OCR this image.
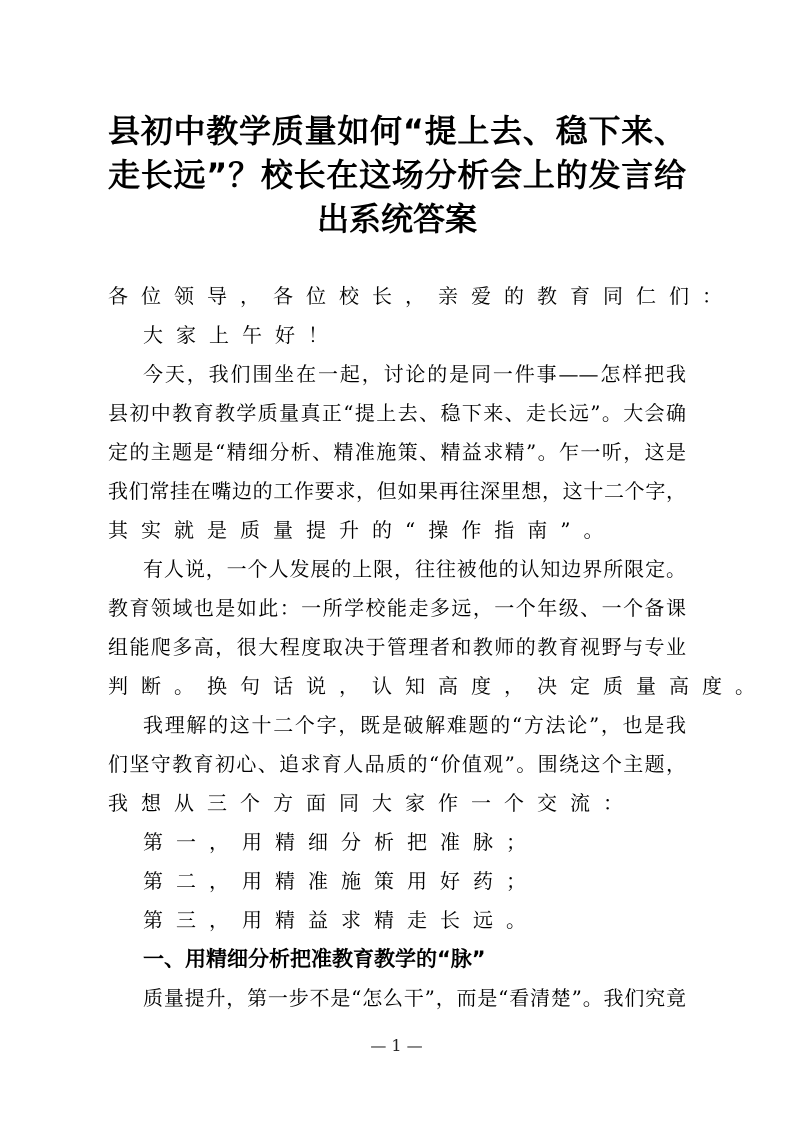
县初中教学质量如何“提上去、稳下来、
走长远”？校长在这场分析会上的发言给
出系统答案
各位领导，各位校长，亲爱的教育同仁们：
大家上午好！
今天，我们围坐在一起，讨论的是同一件事——怎样把我
县初中教育教学质量真正“提上去、稳下来、走长远”。大会确
定的主题是“精细分析、精准施策、精益求精”。乍一听，这是
我们常挂在嘴边的工作要求，但如果再往深里想，这十二个字，
其实就是质量提升的“操作指南”。
有人说，一个人发展的上限，往往被他的认知边界所限定。
教育领域也是如此：一所学校能走多远，一个年级、一个备课
组能爬多高，很大程度取决于管理者和教师的教育视野与专业
判断。换句话说，认知高度，决定质量高度。
我理解的这十二个字，既是破解难题的“方法论”，也是我
们坚守教育初心、追求育人品质的“价值观”。围绕这个主题，
我想从三个方面同大家作一个交流：
第一，用精细分析把准脉；
第二，用精准施策用好药；
第三，用精益求精走长远。
一、用精细分析把准教育教学的“脉”
质量提升，第一步不是“怎么干”，而是“看清楚”。我们究竟
— 1 —
